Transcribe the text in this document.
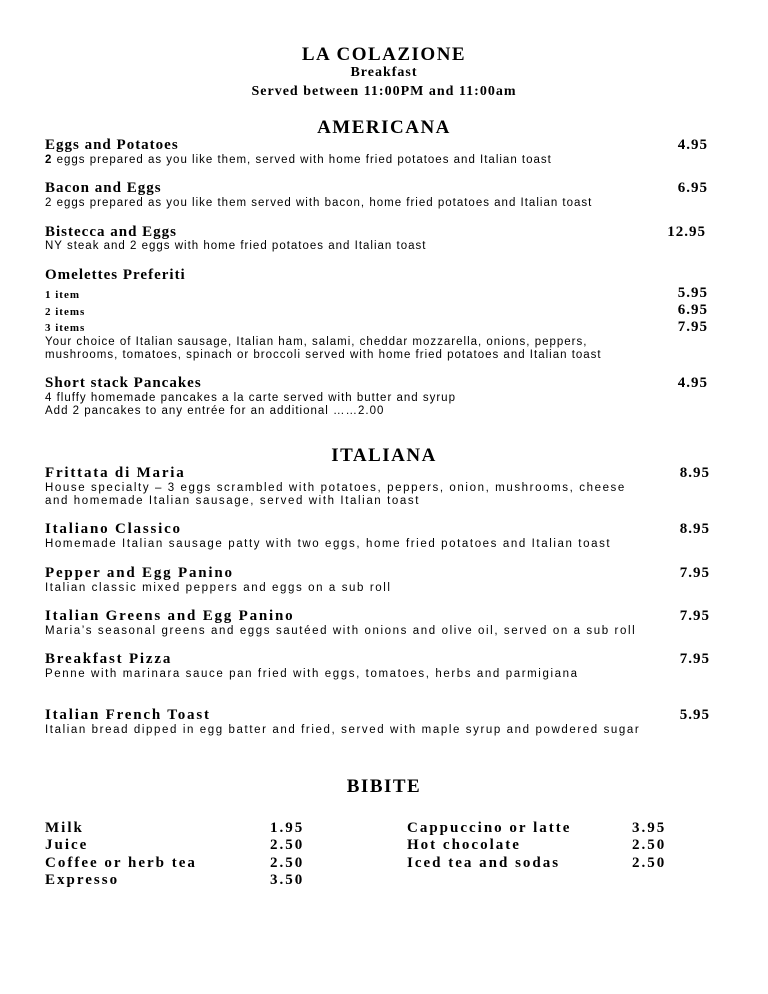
LA COLAZIONE
Breakfast
Served between 11:00PM and 11:00am
AMERICANA
Eggs and Potatoes	4.95
2 eggs prepared as you like them, served with home fried potatoes and Italian toast
Bacon and Eggs	6.95
2 eggs prepared as you like them served with bacon, home fried potatoes and Italian toast
Bistecca and Eggs	12.95
NY steak and 2 eggs with home fried potatoes and Italian toast
Omelettes Preferiti
1 item	5.95
2 items	6.95
3 items	7.95
Your choice of Italian sausage, Italian ham, salami, cheddar mozzarella, onions, peppers,
mushrooms, tomatoes, spinach or broccoli served with home fried potatoes and Italian toast
Short stack Pancakes	4.95
4 fluffy homemade pancakes a la carte served with butter and syrup
Add 2 pancakes to any entrée for an additional ……2.00
ITALIANA
Frittata di Maria	8.95
House specialty – 3 eggs scrambled with potatoes, peppers, onion, mushrooms, cheese
and homemade Italian sausage, served with Italian toast
Italiano Classico	8.95
Homemade Italian sausage patty with two eggs, home fried potatoes and Italian toast
Pepper and Egg Panino	7.95
Italian classic mixed peppers and eggs on a sub roll
Italian Greens and Egg Panino	7.95
Maria’s seasonal greens and eggs sautéed with onions and olive oil, served on a sub roll
Breakfast Pizza	7.95
Penne with marinara sauce pan fried with eggs, tomatoes, herbs and parmigiana
Italian French Toast	5.95
Italian bread dipped in egg batter and fried, served with maple syrup and powdered sugar
BIBITE
Milk	1.95
Juice	2.50
Coffee or herb tea	2.50
Expresso	3.50
Cappuccino or latte	3.95
Hot chocolate	2.50
Iced tea and sodas	2.50
